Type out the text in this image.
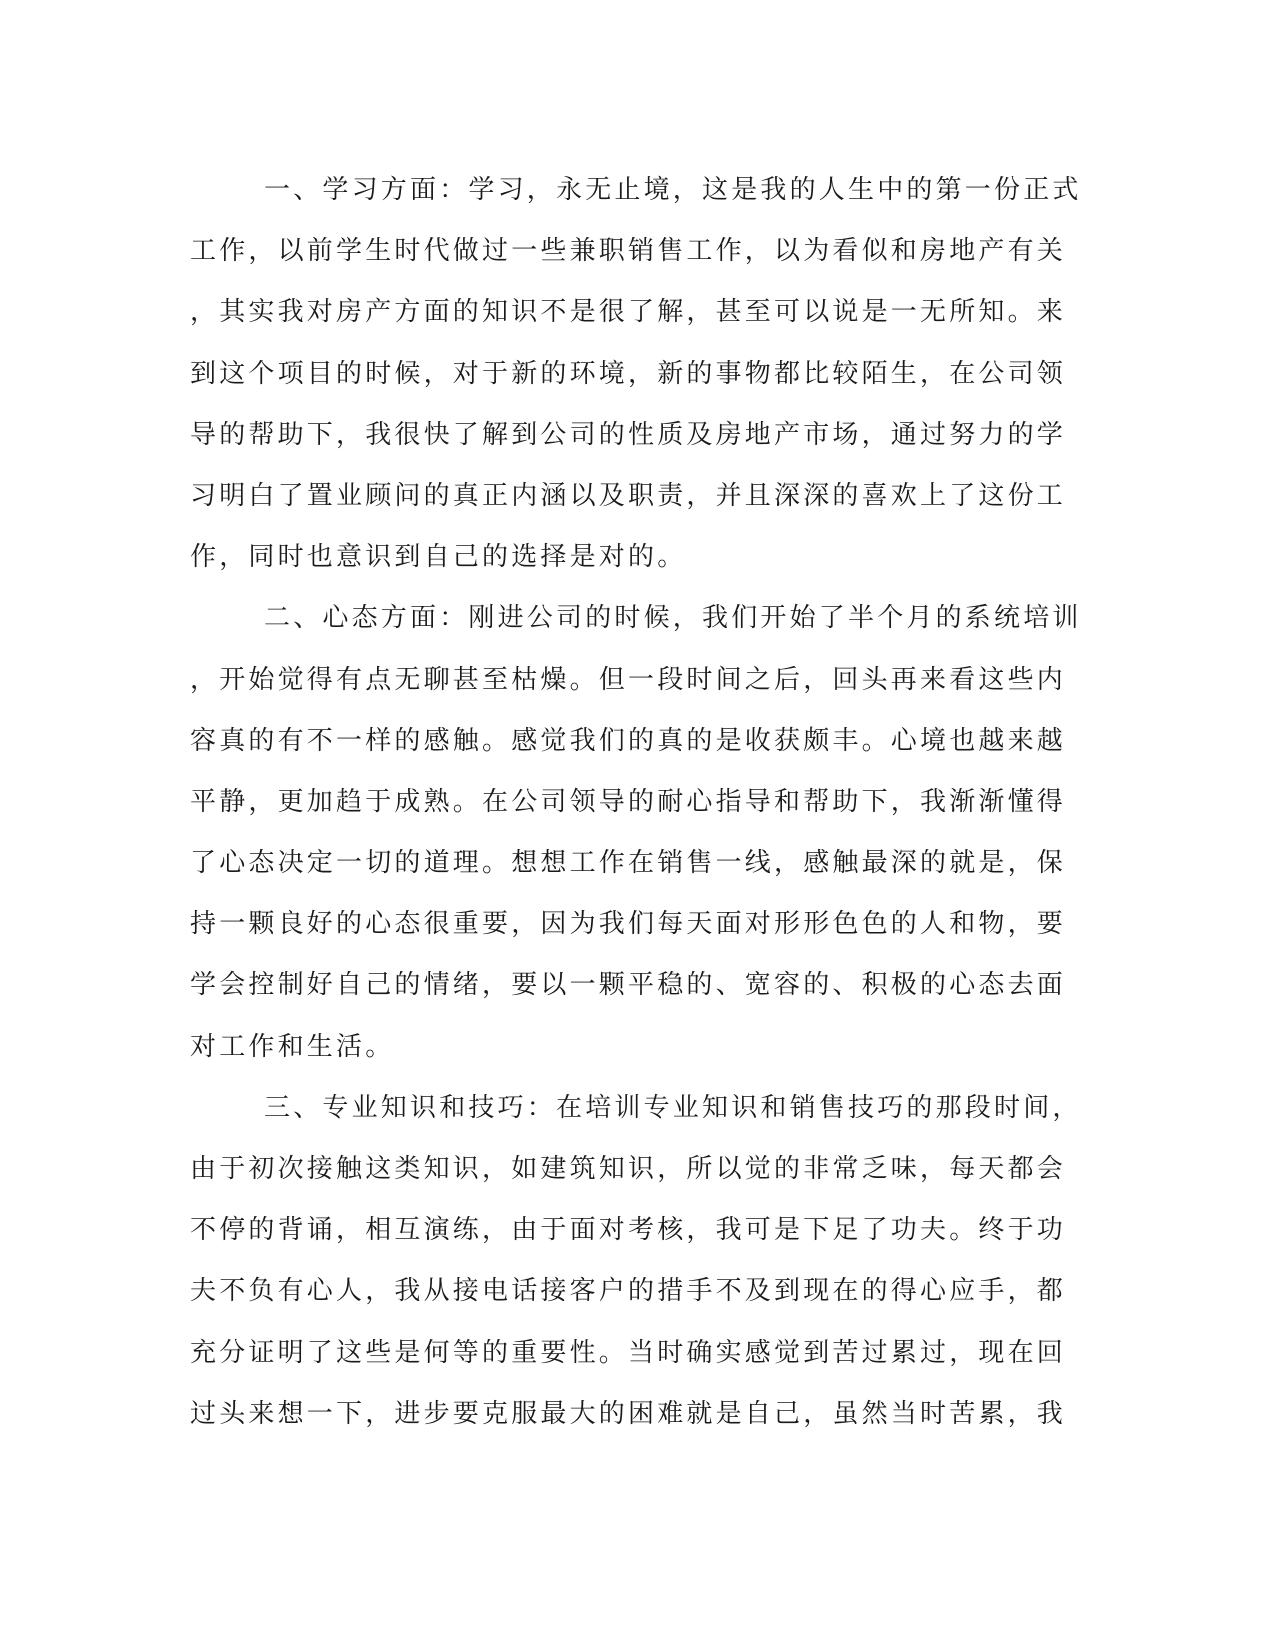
一、学习方面：学习，永无止境，这是我的人生中的第一份正式
工作，以前学生时代做过一些兼职销售工作，以为看似和房地产有关
，其实我对房产方面的知识不是很了解，甚至可以说是一无所知。来
到这个项目的时候，对于新的环境，新的事物都比较陌生，在公司领
导的帮助下，我很快了解到公司的性质及房地产市场，通过努力的学
习明白了置业顾问的真正内涵以及职责，并且深深的喜欢上了这份工
作，同时也意识到自己的选择是对的。
二、心态方面：刚进公司的时候，我们开始了半个月的系统培训
，开始觉得有点无聊甚至枯燥。但一段时间之后，回头再来看这些内
容真的有不一样的感触。感觉我们的真的是收获颇丰。心境也越来越
平静，更加趋于成熟。在公司领导的耐心指导和帮助下，我渐渐懂得
了心态决定一切的道理。想想工作在销售一线，感触最深的就是，保
持一颗良好的心态很重要，因为我们每天面对形形色色的人和物，要
学会控制好自己的情绪，要以一颗平稳的、宽容的、积极的心态去面
对工作和生活。
三、专业知识和技巧：在培训专业知识和销售技巧的那段时间，
由于初次接触这类知识，如建筑知识，所以觉的非常乏味，每天都会
不停的背诵，相互演练，由于面对考核，我可是下足了功夫。终于功
夫不负有心人，我从接电话接客户的措手不及到现在的得心应手，都
充分证明了这些是何等的重要性。当时确实感觉到苦过累过，现在回
过头来想一下，进步要克服最大的困难就是自己，虽然当时苦累，我
